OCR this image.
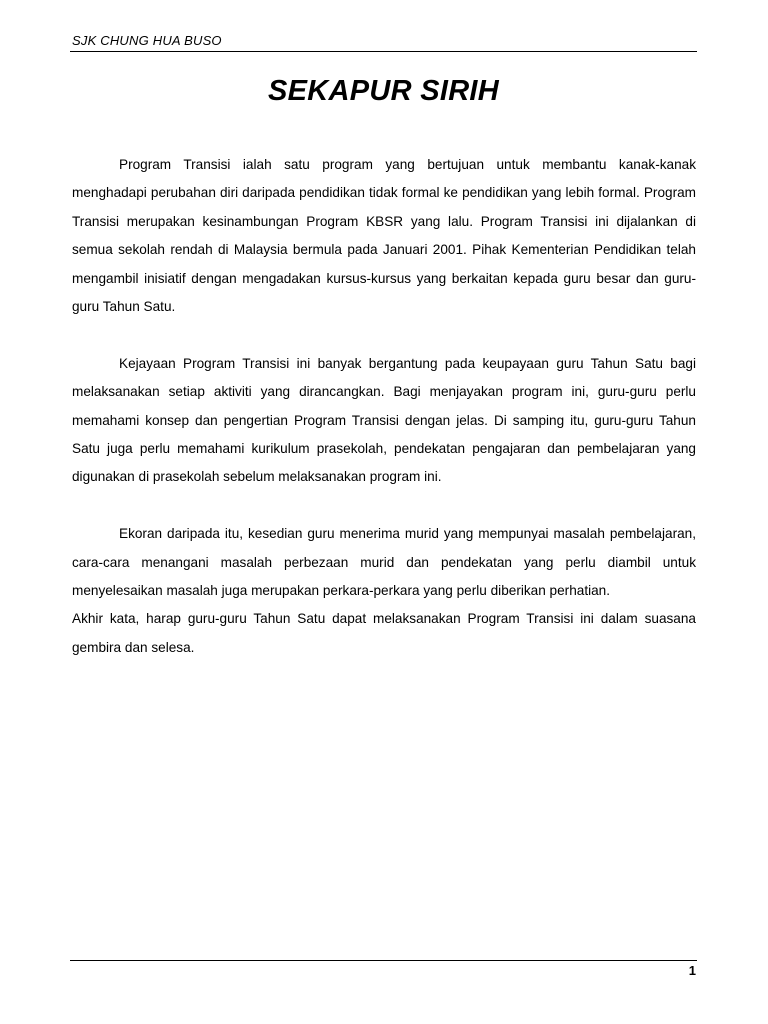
SJK CHUNG HUA BUSO
SEKAPUR SIRIH

Program Transisi ialah satu program yang bertujuan untuk membantu kanak-kanak menghadapi perubahan diri daripada pendidikan tidak formal ke pendidikan yang lebih formal. Program Transisi merupakan kesinambungan Program KBSR yang lalu. Program Transisi ini dijalankan di semua sekolah rendah di Malaysia bermula pada Januari 2001. Pihak Kementerian Pendidikan telah mengambil inisiatif dengan mengadakan kursus-kursus yang berkaitan kepada guru besar dan guru-guru Tahun Satu.

Kejayaan Program Transisi ini banyak bergantung pada keupayaan guru Tahun Satu bagi melaksanakan setiap aktiviti yang dirancangkan. Bagi menjayakan program ini, guru-guru perlu memahami konsep dan pengertian Program Transisi dengan jelas. Di samping itu, guru-guru Tahun Satu juga perlu memahami kurikulum prasekolah, pendekatan pengajaran dan pembelajaran yang digunakan di prasekolah sebelum melaksanakan program ini.

Ekoran daripada itu, kesedian guru menerima murid yang mempunyai masalah pembelajaran, cara-cara menangani masalah perbezaan murid dan pendekatan yang perlu diambil untuk menyelesaikan masalah juga merupakan perkara-perkara yang perlu diberikan perhatian.

Akhir kata, harap guru-guru Tahun Satu dapat melaksanakan Program Transisi ini dalam suasana gembira dan selesa.

1
